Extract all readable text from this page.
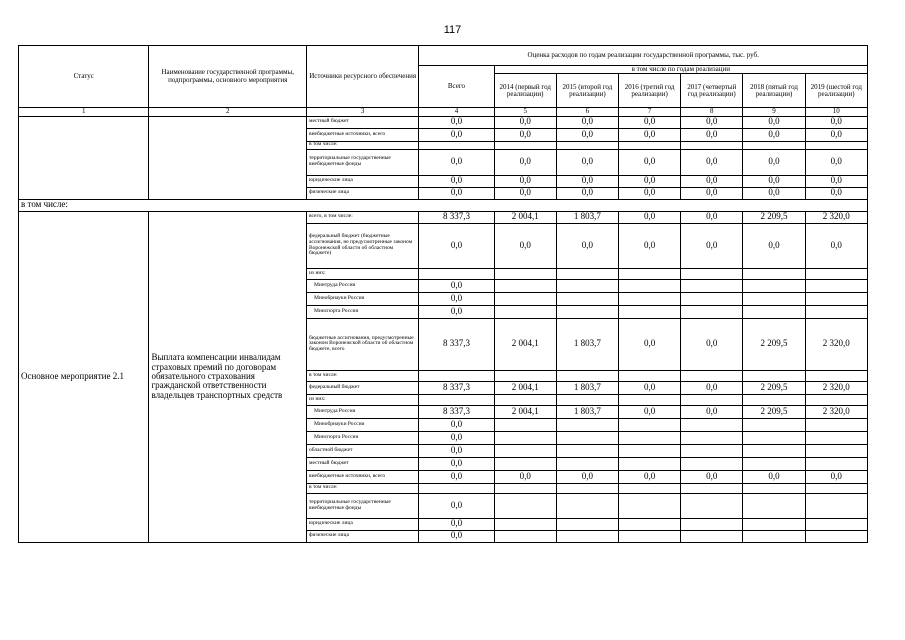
117
Статус	Наименование государственной программы, подпрограммы, основного мероприятия	Источники ресурсного обеспечения	Оценка расходов по годам реализации государственной программы, тыс. руб.						
			Всего	в том числе по годам реализации					
				2014 (первый год реализации)	2015 (второй год реализации)	2016 (третий год реализации)	2017 (четвертый год реализации)	2018 (пятый год реализации)	2019 (шестой год реализации)
1	2	3	4	5	6	7	8	9	10
		местный бюджет	0,0	0,0	0,0	0,0	0,0	0,0	0,0
		внебюджетные источники, всего	0,0	0,0	0,0	0,0	0,0	0,0	0,0
		в том числе:							
		территориальные государственные внебюджетные фонды	0,0	0,0	0,0	0,0	0,0	0,0	0,0
		юридические лица	0,0	0,0	0,0	0,0	0,0	0,0	0,0
		физические лица	0,0	0,0	0,0	0,0	0,0	0,0	0,0
в том числе:									
Основное мероприятие 2.1	Выплата компенсации инвалидам страховых премий по договорам обязательного страхования гражданской ответственности владельцев транспортных средств	всего, в том числе:	8 337,3	2 004,1	1 803,7	0,0	0,0	2 209,5	2 320,0
		федеральный бюджет (бюджетные ассигнования, не предусмотренные законом Воронежской области об областном бюджете)	0,0	0,0	0,0	0,0	0,0	0,0	0,0
		из них:							
		Минтруда России	0,0						
		Минобрнауки России	0,0						
		Минспорта России	0,0						
		бюджетные ассигнования, предусмотренные законом Воронежской области об областном бюджете, всего	8 337,3	2 004,1	1 803,7	0,0	0,0	2 209,5	2 320,0
		в том числе:							
		федеральный бюджет	8 337,3	2 004,1	1 803,7	0,0	0,0	2 209,5	2 320,0
		из них:							
		Минтруда России	8 337,3	2 004,1	1 803,7	0,0	0,0	2 209,5	2 320,0
		Минобрнауки России	0,0						
		Минспорта России	0,0						
		областной бюджет	0,0						
		местный бюджет	0,0						
		внебюджетные источники, всего	0,0	0,0	0,0	0,0	0,0	0,0	0,0
		в том числе:							
		территориальные государственные внебюджетные фонды	0,0						
		юридические лица	0,0						
		физические лица	0,0						
